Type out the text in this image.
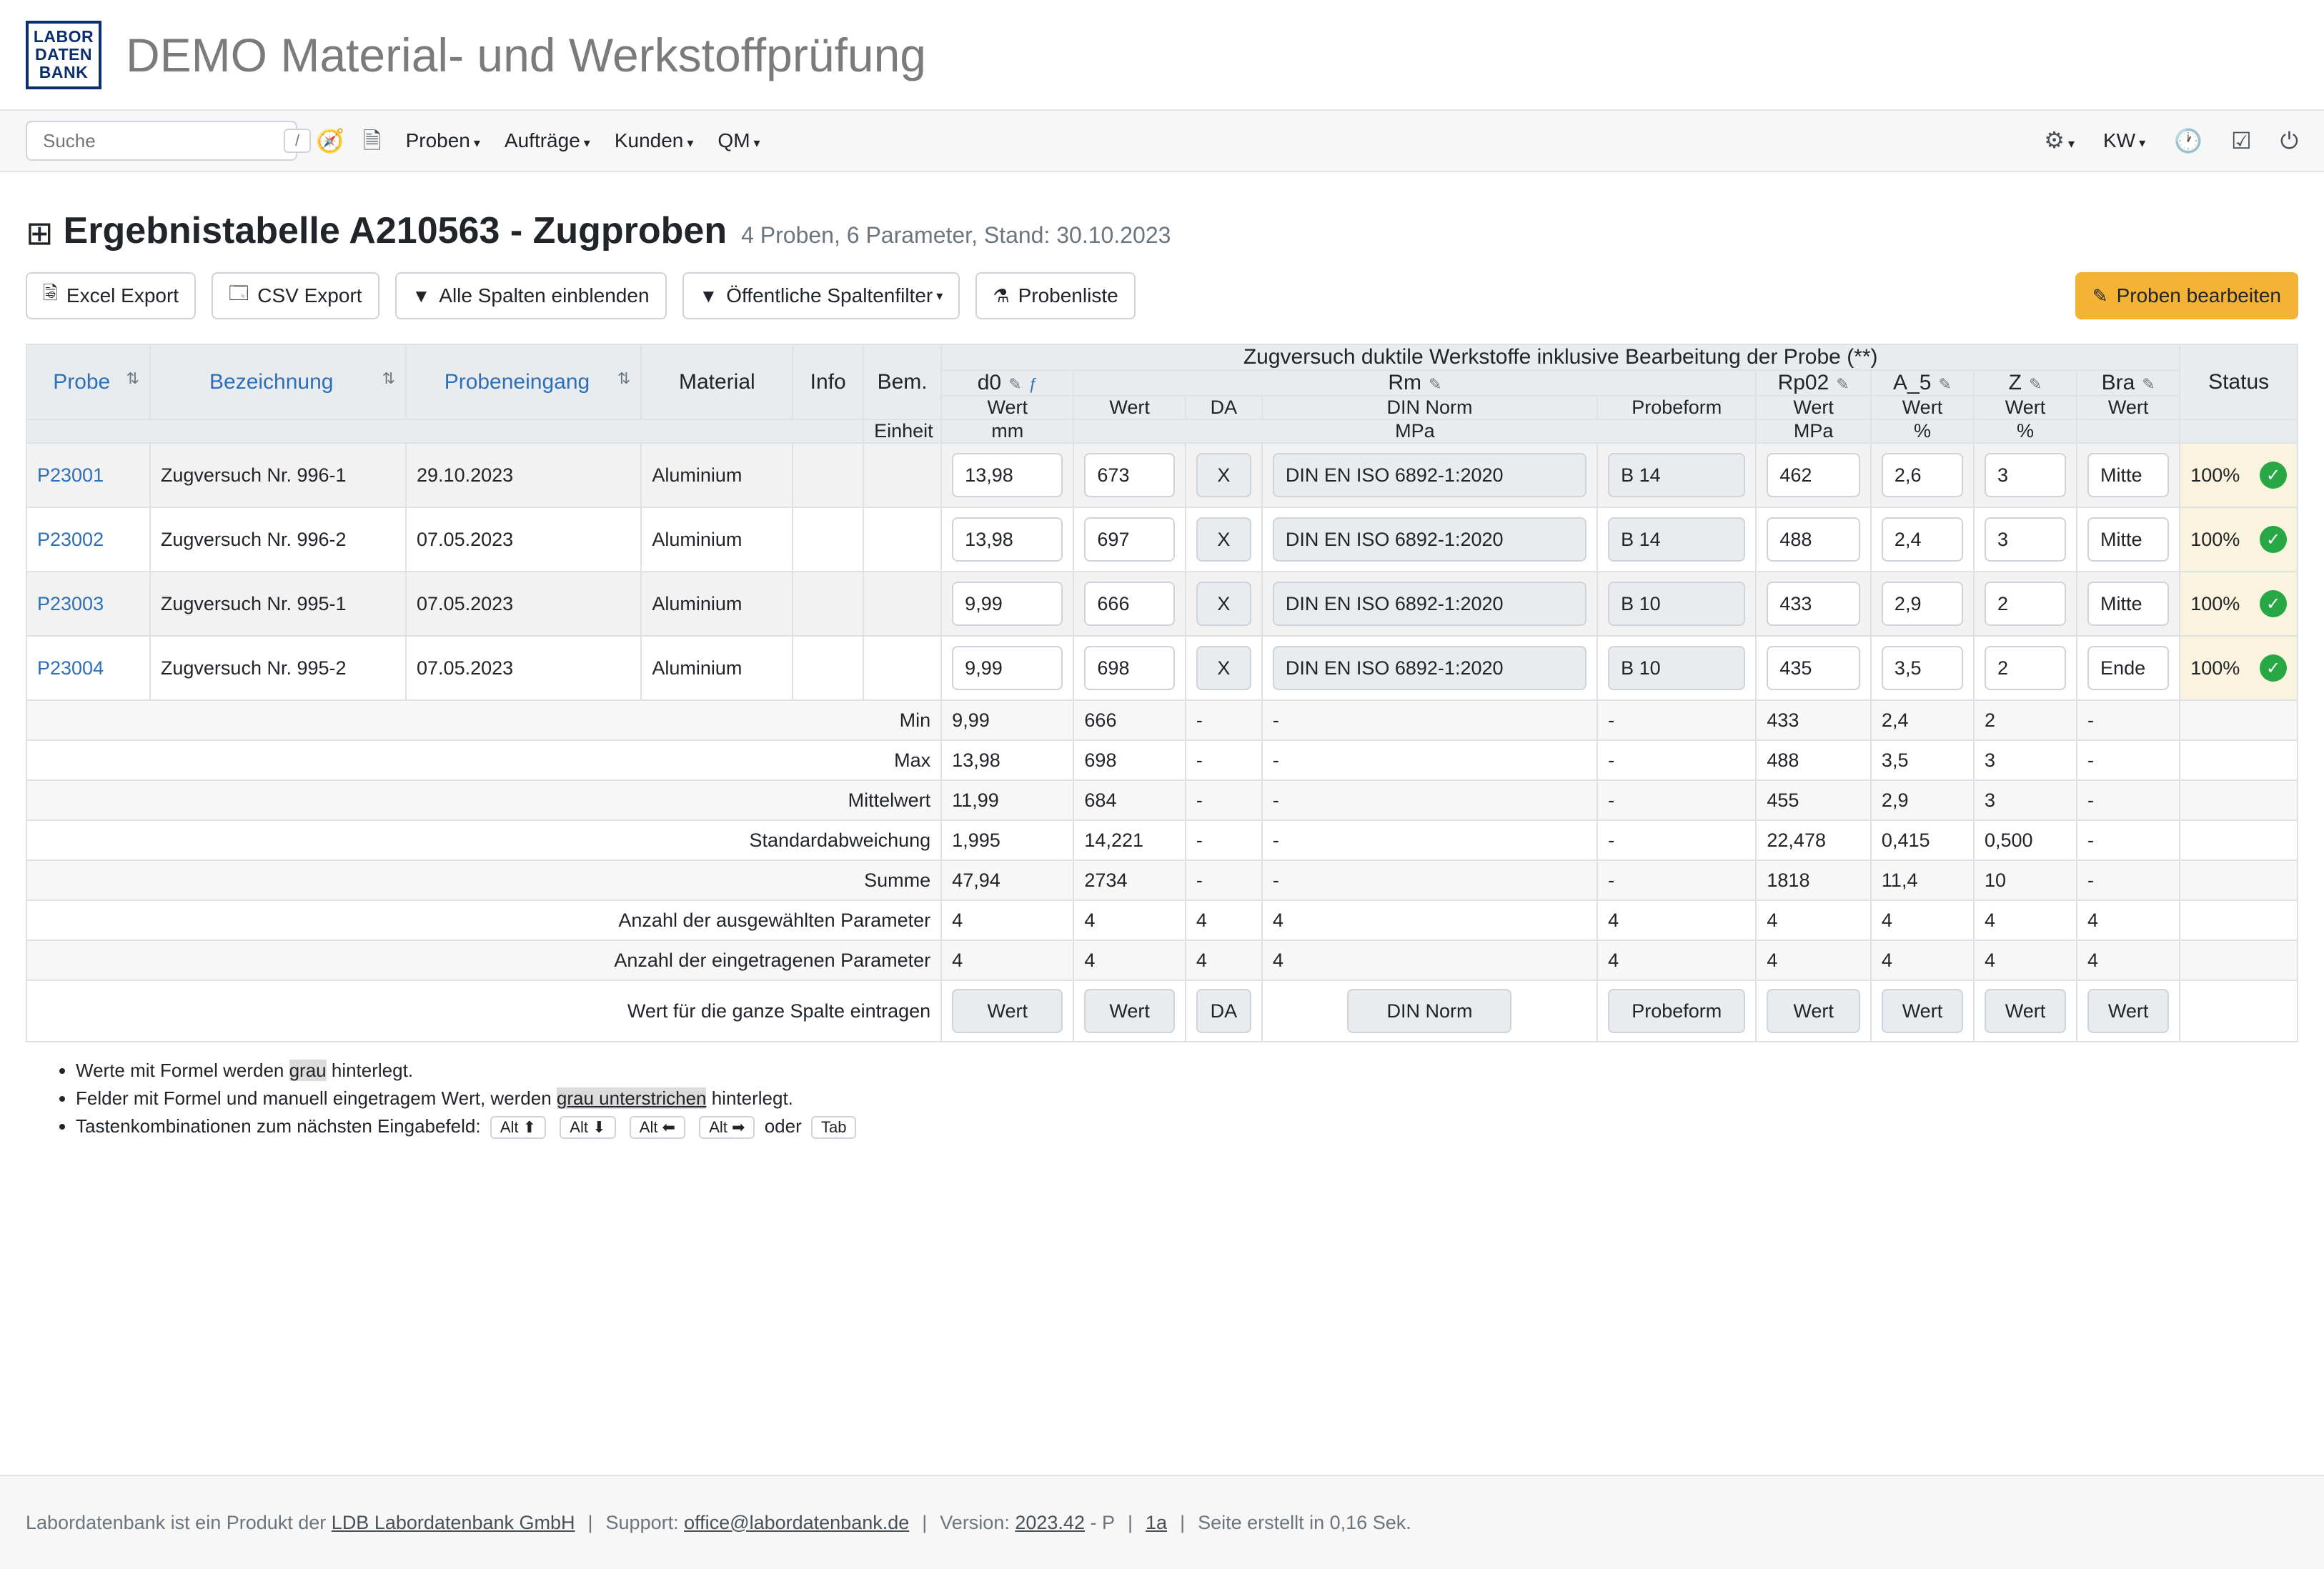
LABOR
DATEN
BANK DEMO Material- und Werkstoffprüfung
Suche
/ 🧭 🗎 Proben ▾ Aufträge ▾ Kunden ▾ QM ▾	⚙ ▾ KW ▾ 🕐 ☑ ⏻
⊞ Ergebnistabelle A210563 - Zugproben 4 Proben, 6 Parameter, Stand: 30.10.2023
🗟 Excel Export	🗔 CSV Export	▼ Alle Spalten einblenden	▼ Öffentliche Spaltenfilter ▾	⚗ Probenliste	✎ Proben bearbeiten
Probe ⇅	Bezeichnung ⇅	Probeneingang ⇅	Material	Info	Bem.	Zugversuch duktile Werkstoffe inklusive Bearbeitung der Probe (**)									Status
						d0 ✎ ƒ	Rm ✎				Rp02 ✎	A_5 ✎	Z ✎	Bra ✎	
						Wert	Wert	DA	DIN Norm	Probeform	Wert	Wert	Wert	Wert	
					Einheit	mm	MPa				MPa	%	%		
P23001	Zugversuch Nr. 996-1	29.10.2023	Aluminium			13,98	673	X	DIN EN ISO 6892-1:2020	B 14	462	2,6	3	Mitte	100% ✓

P23002	Zugversuch Nr. 996-2	07.05.2023	Aluminium			13,98	697	X	DIN EN ISO 6892-1:2020	B 14	488	2,4	3	Mitte	100% ✓

P23003	Zugversuch Nr. 995-1	07.05.2023	Aluminium			9,99	666	X	DIN EN ISO 6892-1:2020	B 10	433	2,9	2	Mitte	100% ✓

P23004	Zugversuch Nr. 995-2	07.05.2023	Aluminium			9,99	698	X	DIN EN ISO 6892-1:2020	B 10	435	3,5	2	Ende	100% ✓

Min						9,99	666	-	-	-	433	2,4	2	-	
Max						13,98	698	-	-	-	488	3,5	3	-	
Mittelwert						11,99	684	-	-	-	455	2,9	3	-	
Standardabweichung						1,995	14,221	-	-	-	22,478	0,415	0,500	-	
Summe						47,94	2734	-	-	-	1818	11,4	10	-	
Anzahl der ausgewählten Parameter						4	4	4	4	4	4	4	4	4	
Anzahl der eingetragenen Parameter						4	4	4	4	4	4	4	4	4	
Wert für die ganze Spalte eintragen						Wert	Wert	DA	DIN Norm	Probeform	Wert	Wert	Wert	Wert	

• Werte mit Formel werden grau hinterlegt.
• Felder mit Formel und manuell eingetragem Wert, werden grau unterstrichen hinterlegt.
• Tastenkombinationen zum nächsten Eingabefeld: Alt ⬆ Alt ⬇ Alt ⬅ Alt ➡ oder Tab
Labordatenbank ist ein Produkt der
LDB Labordatenbank GmbH | Support:
office@labordatenbank.de | Version:
2023.42
- P | 1a | Seite erstellt in 0,16 Sek.
